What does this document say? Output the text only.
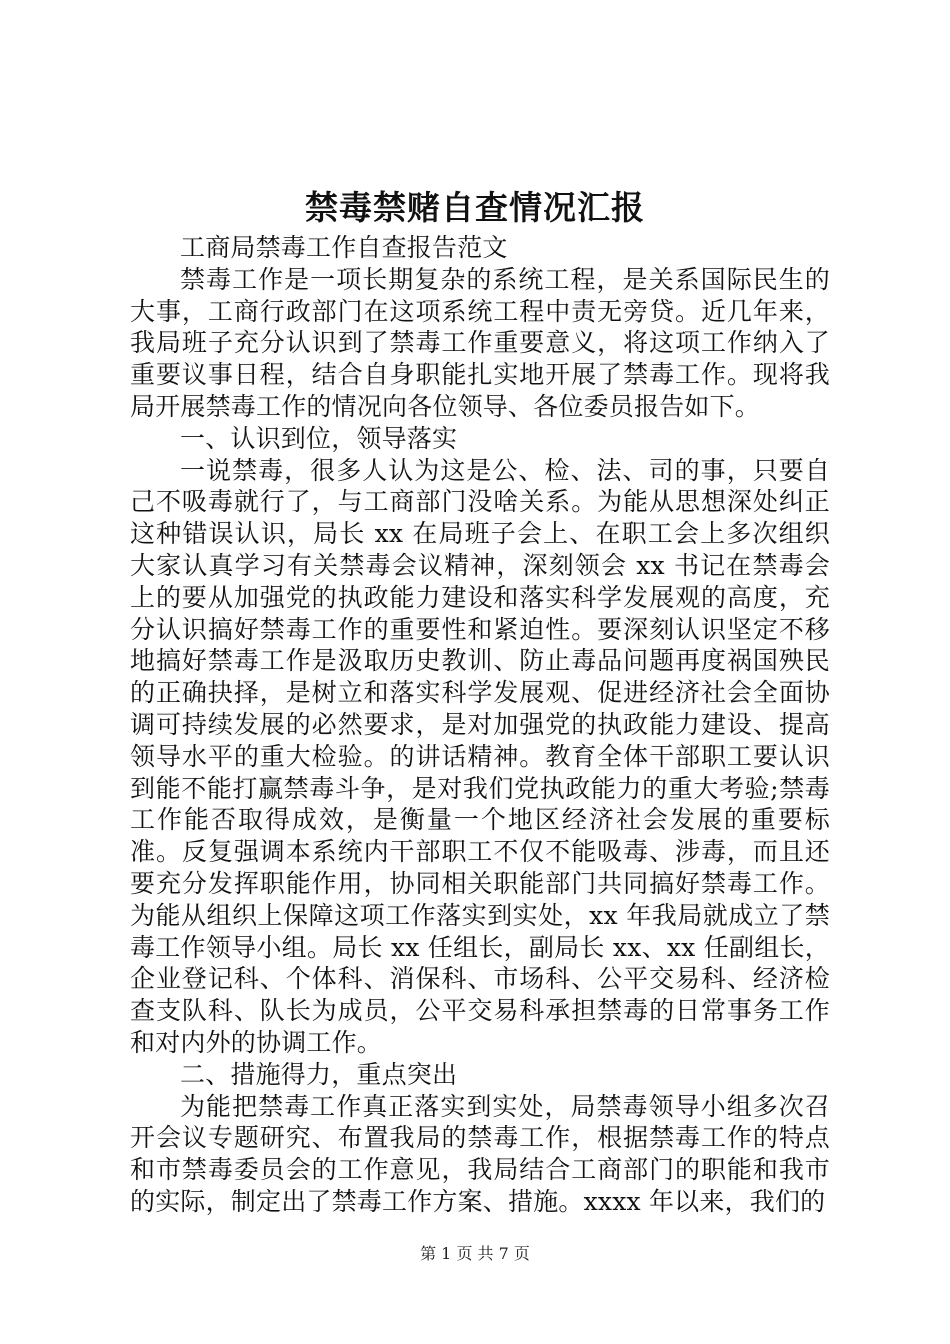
禁毒禁赌自查情况汇报

工商局禁毒工作自查报告范文

禁毒工作是一项长期复杂的系统工程，是关系国际民生的大事，工商行政部门在这项系统工程中责无旁贷。近几年来，我局班子充分认识到了禁毒工作重要意义，将这项工作纳入了重要议事日程，结合自身职能扎实地开展了禁毒工作。现将我局开展禁毒工作的情况向各位领导、各位委员报告如下。

一、认识到位，领导落实

一说禁毒，很多人认为这是公、检、法、司的事，只要自己不吸毒就行了，与工商部门没啥关系。为能从思想深处纠正这种错误认识，局长 xx 在局班子会上、在职工会上多次组织大家认真学习有关禁毒会议精神，深刻领会 xx 书记在禁毒会上的要从加强党的执政能力建设和落实科学发展观的高度，充分认识搞好禁毒工作的重要性和紧迫性。要深刻认识坚定不移地搞好禁毒工作是汲取历史教训、防止毒品问题再度祸国殃民的正确抉择，是树立和落实科学发展观、促进经济社会全面协调可持续发展的必然要求，是对加强党的执政能力建设、提高领导水平的重大检验。的讲话精神。教育全体干部职工要认识到能不能打赢禁毒斗争，是对我们党执政能力的重大考验;禁毒工作能否取得成效，是衡量一个地区经济社会发展的重要标准。反复强调本系统内干部职工不仅不能吸毒、涉毒，而且还要充分发挥职能作用，协同相关职能部门共同搞好禁毒工作。为能从组织上保障这项工作落实到实处，xx 年我局就成立了禁毒工作领导小组。局长 xx 任组长，副局长 xx、xx 任副组长，企业登记科、个体科、消保科、市场科、公平交易科、经济检查支队科、队长为成员，公平交易科承担禁毒的日常事务工作和对内外的协调工作。

二、措施得力，重点突出

为能把禁毒工作真正落实到实处，局禁毒领导小组多次召开会议专题研究、布置我局的禁毒工作，根据禁毒工作的特点和市禁毒委员会的工作意见，我局结合工商部门的职能和我市的实际，制定出了禁毒工作方案、措施。xxxx 年以来，我们的

第 1 页 共 7 页
